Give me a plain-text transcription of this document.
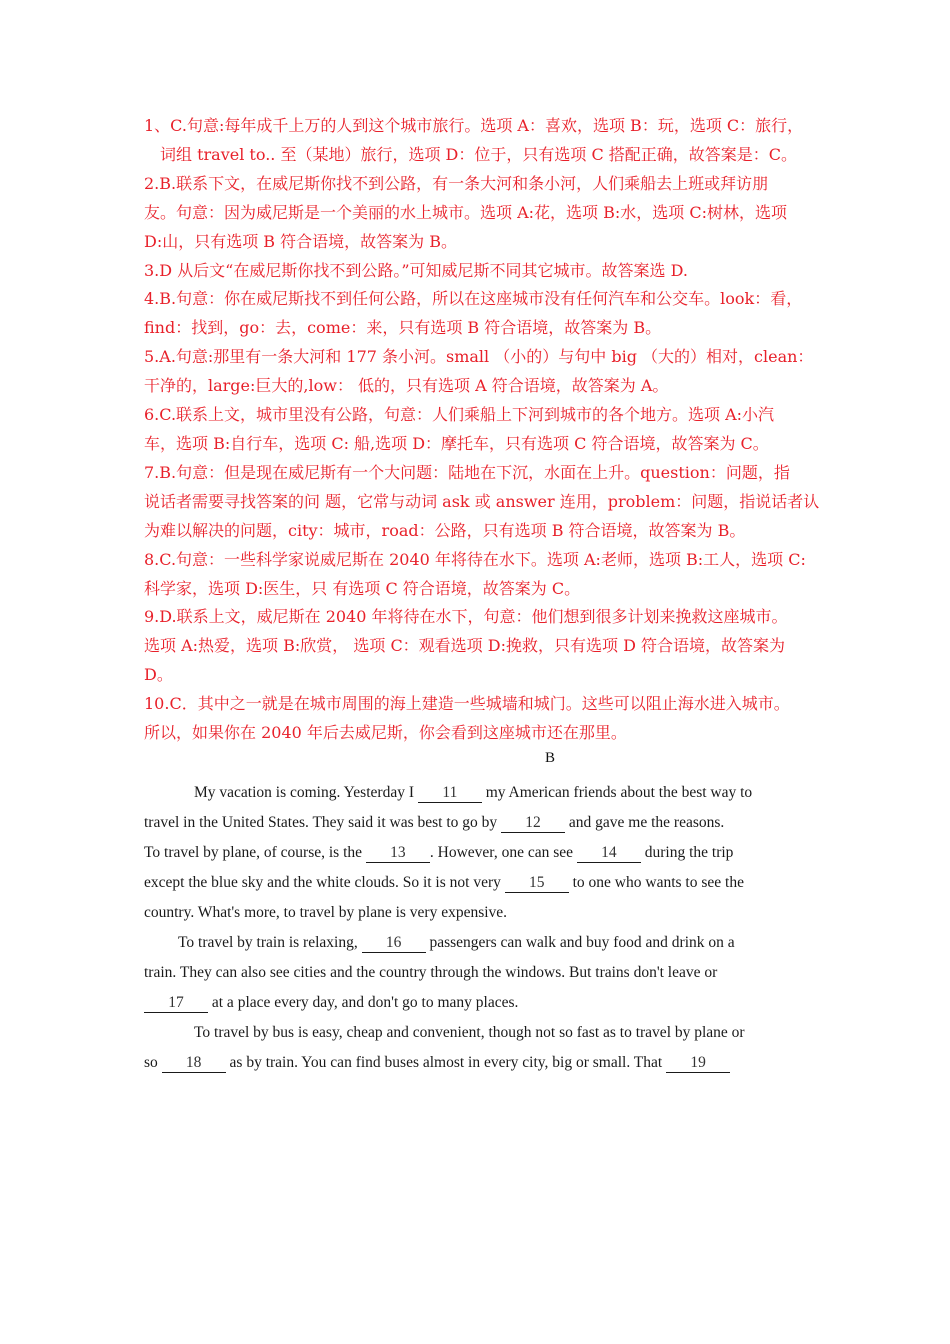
1、C.句意:每年成千上万的人到这个城市旅行。选项 A：喜欢，选项 B：玩，选项 C：旅行，

词组 travel to.. 至（某地）旅行，选项 D：位于，只有选项 C 搭配正确，故答案是：C。

2.B.联系下文，在威尼斯你找不到公路，有一条大河和条小河，人们乘船去上班或拜访朋

友。句意：因为威尼斯是一个美丽的水上城市。选项 A:花，选项 B:水，选项 C:树林，选项

D:山，只有选项 B 符合语境，故答案为 B。

3.D 从后文“在威尼斯你找不到公路。”可知威尼斯不同其它城市。故答案选 D.

4.B.句意：你在威尼斯找不到任何公路，所以在这座城市没有任何汽车和公交车。look：看，

find：找到，go：去，come：来，只有选项 B 符合语境，故答案为 B。

5.A.句意:那里有一条大河和 177 条小河。small （小的）与句中 big （大的）相对，clean：

干净的，large:巨大的,low： 低的，只有选项 A 符合语境，故答案为 A。

6.C.联系上文，城市里没有公路，句意：人们乘船上下河到城市的各个地方。选项 A:小汽

车，选项 B:自行车，选项 C: 船,选项 D：摩托车，只有选项 C 符合语境，故答案为 C。

7.B.句意：但是现在威尼斯有一个大问题：陆地在下沉，水面在上升。question：问题，指

说话者需要寻找答案的问 题，它常与动词 ask 或 answer 连用，problem：问题，指说话者认

为难以解决的问题，city：城市，road：公路，只有选项 B 符合语境，故答案为 B。

8.C.句意：一些科学家说威尼斯在 2040 年将待在水下。选项 A:老师，选项 B:工人，选项 C:

科学家，选项 D:医生，只 有选项 C 符合语境，故答案为 C。

9.D.联系上文，威尼斯在 2040 年将待在水下，句意：他们想到很多计划来挽救这座城市。

选项 A:热爱，选项 B:欣赏， 选项 C：观看选项 D:挽救，只有选项 D 符合语境，故答案为

D。

10.C．其中之一就是在城市周围的海上建造一些城墙和城门。这些可以阻止海水进入城市。

所以，如果你在 2040 年后去威尼斯，你会看到这座城市还在那里。

B
My vacation is coming. Yesterday I 11 my American friends about the best way to
travel in the United States. They said it was best to go by 12 and gave me the reasons.
To travel by plane, of course, is the 13 . However, one can see 14 during the trip
except the blue sky and the white clouds. So it is not very 15 to one who wants to see the
country. What's more, to travel by plane is very expensive.
To travel by train is relaxing, 16 passengers can walk and buy food and drink on a
train. They can also see cities and the country through the windows. But trains don't leave or
17 at a place every day, and don't go to many places.
To travel by bus is easy, cheap and convenient, though not so fast as to travel by plane or
so 18 as by train. You can find buses almost in every city, big or small. That 19
